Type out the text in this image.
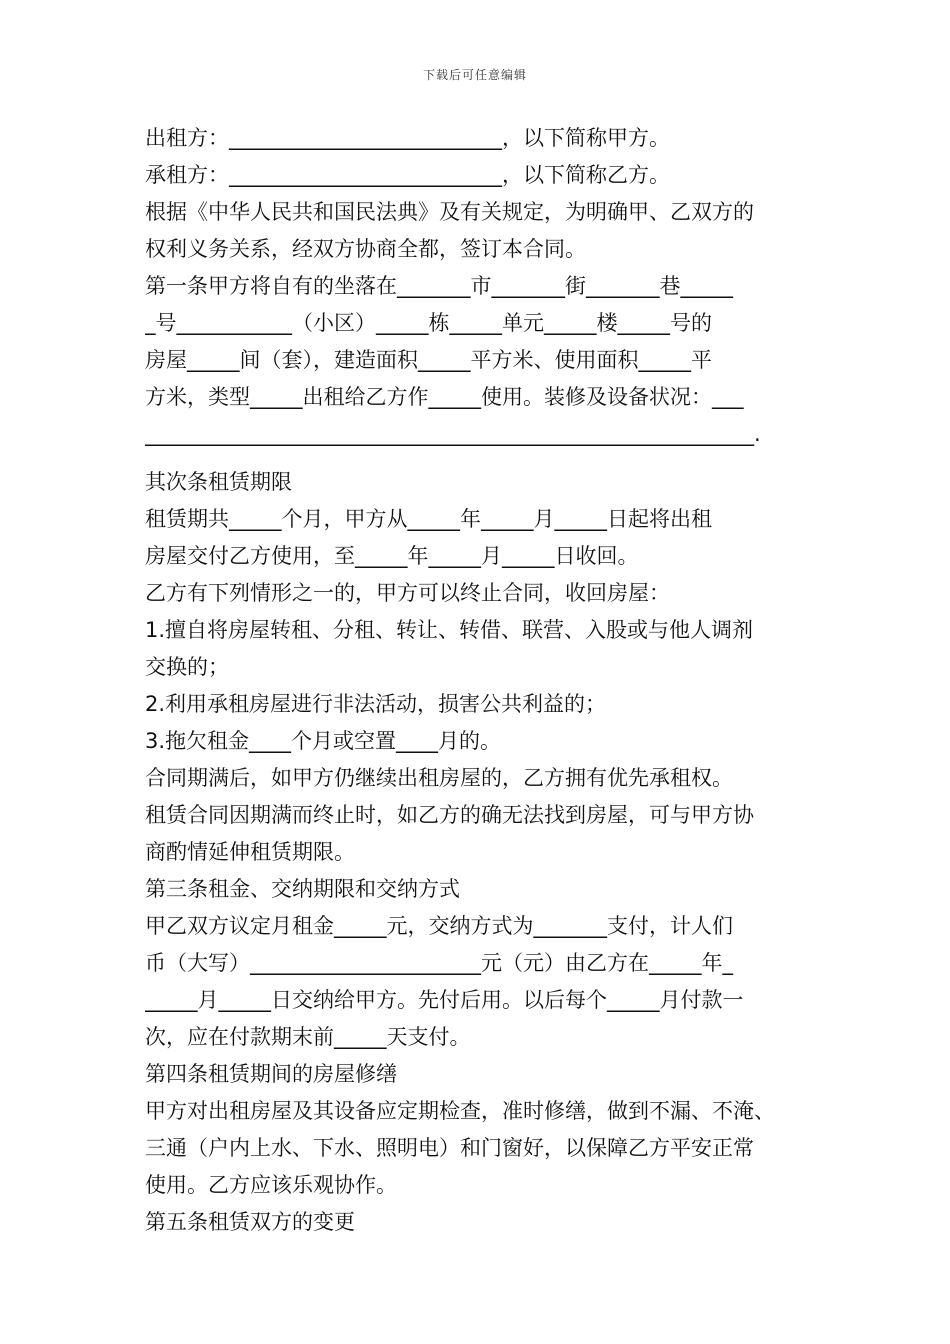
下载后可任意编辑
出租方：__________________________，以下简称甲方。
承租方：__________________________，以下简称乙方。
根据《中华人民共和国民法典》及有关规定，为明确甲、乙双方的
权利义务关系，经双方协商全都，签订本合同。
第一条甲方将自有的坐落在_______市_______街_______巷_____
_号___________（小区）_____栋_____单元_____楼_____号的
房屋_____间（套），建造面积_____平方米、使用面积_____平
方米，类型_____出租给乙方作_____使用。装修及设备状况：___
__________________________________________________________.
其次条租赁期限
租赁期共_____个月，甲方从_____年_____月_____日起将出租
房屋交付乙方使用，至_____年_____月_____日收回。
乙方有下列情形之一的，甲方可以终止合同，收回房屋：
1.擅自将房屋转租、分租、转让、转借、联营、入股或与他人调剂
交换的；
2.利用承租房屋进行非法活动，损害公共利益的；
3.拖欠租金____个月或空置____月的。
合同期满后，如甲方仍继续出租房屋的，乙方拥有优先承租权。
租赁合同因期满而终止时，如乙方的确无法找到房屋，可与甲方协
商酌情延伸租赁期限。
第三条租金、交纳期限和交纳方式
甲乙双方议定月租金_____元，交纳方式为_______支付，计人们
币（大写）______________________元（元）由乙方在_____年_
_____月_____日交纳给甲方。先付后用。以后每个_____月付款一
次，应在付款期末前_____天支付。
第四条租赁期间的房屋修缮
甲方对出租房屋及其设备应定期检查，准时修缮，做到不漏、不淹、
三通（户内上水、下水、照明电）和门窗好，以保障乙方平安正常
使用。乙方应该乐观协作。
第五条租赁双方的变更
